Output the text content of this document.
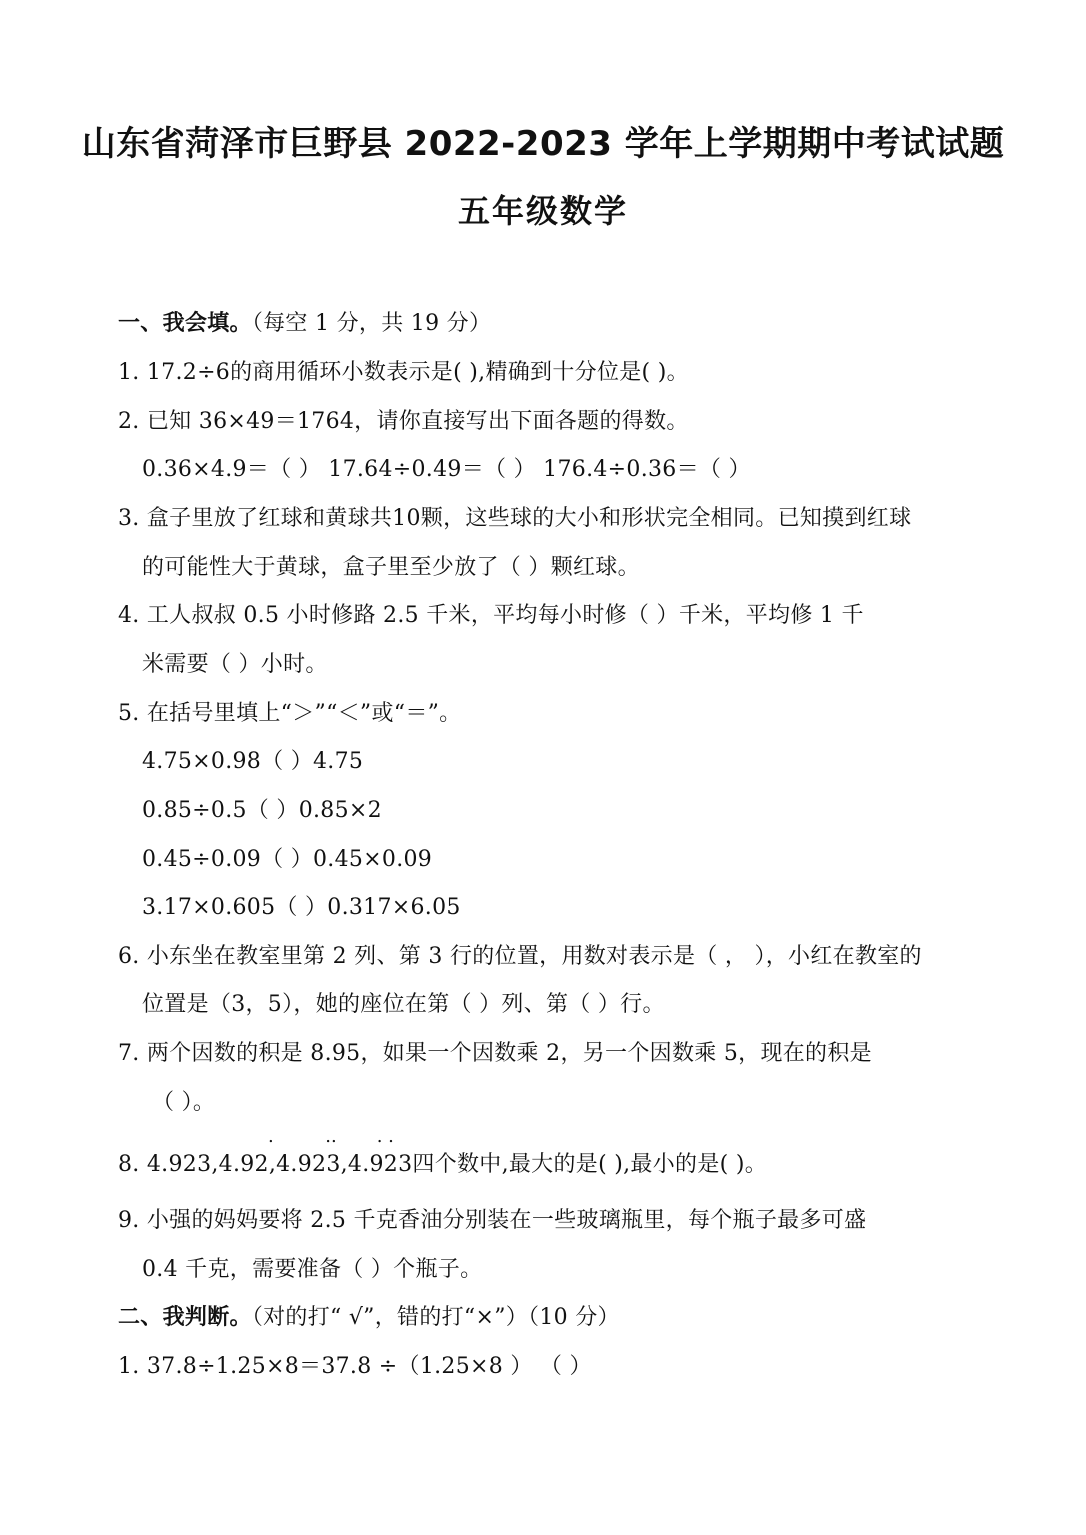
山东省菏泽市巨野县 2022-2023 学年上学期期中考试试题
五年级数学
一、我会填。（每空 1 分，共 19 分）
1. 17.2÷6的商用循环小数表示是( ),精确到十分位是( )。
2. 已知 36×49＝1764，请你直接写出下面各题的得数。
0.36×4.9＝（ ） 17.64÷0.49＝（ ） 176.4÷0.36＝（ ）
3. 盒子里放了红球和黄球共10颗，这些球的大小和形状完全相同。已知摸到红球
的可能性大于黄球，盒子里至少放了（ ）颗红球。
4. 工人叔叔 0.5 小时修路 2.5 千米，平均每小时修（ ）千米，平均修 1 千
米需要（ ）小时。
5. 在括号里填上“＞”“＜”或“＝”。
4.75×0.98（ ）4.75
0.85÷0.5（ ）0.85×2
0.45÷0.09（ ）0.45×0.09
3.17×0.605（ ）0.317×6.05
6. 小东坐在教室里第 2 列、第 3 行的位置，用数对表示是（ ， ），小红在教室的
位置是（3，5），她的座位在第（ ）列、第（ ）行。
7. 两个因数的积是 8.95，如果一个因数乘 2，另一个因数乘 5，现在的积是
（ ）。
.         ..       . .
8. 4.923,4.92,4.923,4.923四个数中,最大的是( ),最小的是( )。
9. 小强的妈妈要将 2.5 千克香油分别装在一些玻璃瓶里，每个瓶子最多可盛
0.4 千克，需要准备（ ）个瓶子。
二、我判断。（对的打“ √”，错的打“×”）（10 分）
1. 37.8÷1.25×8＝37.8 ÷（1.25×8 ） （ ）
